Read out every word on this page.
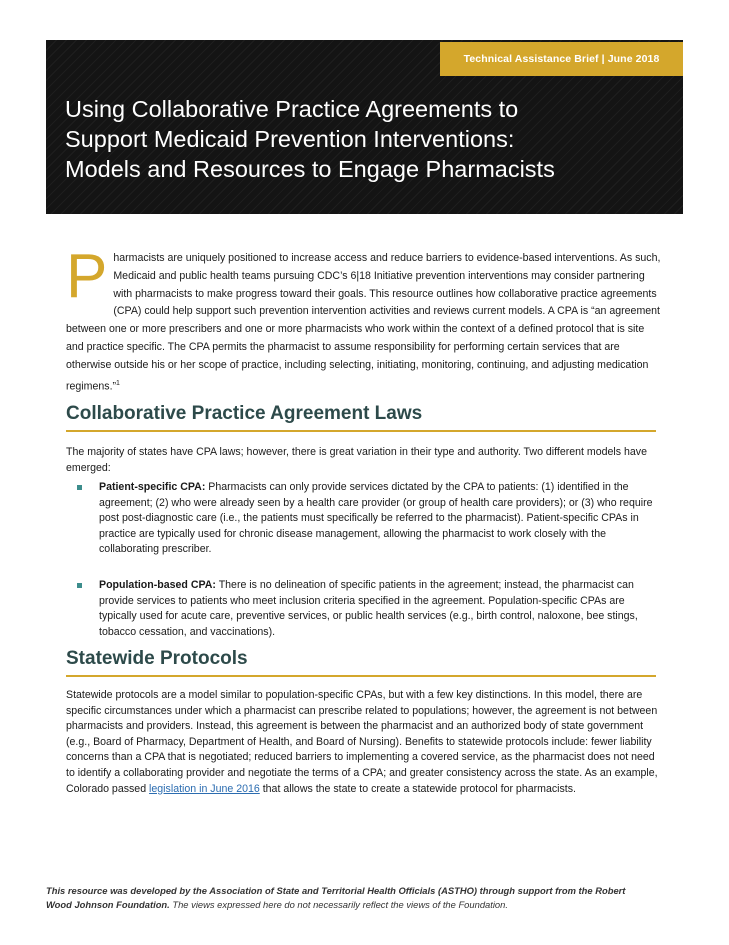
Technical Assistance Brief | June 2018
Using Collaborative Practice Agreements to
Support Medicaid Prevention Interventions:
Models and Resources to Engage Pharmacists

Pharmacists are uniquely positioned to increase access and reduce barriers to evidence-based interventions. As such, Medicaid and public health teams pursuing CDC’s 6|18 Initiative prevention interventions may consider partnering with pharmacists to make progress toward their goals. This resource outlines how collaborative practice agreements (CPA) could help support such prevention intervention activities and reviews current models. A CPA is “an agreement between one or more prescribers and one or more pharmacists who work within the context of a defined protocol that is site and practice specific. The CPA permits the pharmacist to assume responsibility for performing certain services that are otherwise outside his or her scope of practice, including selecting, initiating, monitoring, continuing, and adjusting medication regimens.”$^1$

Collaborative Practice Agreement Laws

The majority of states have CPA laws; however, there is great variation in their type and authority. Two different models have emerged:

Patient-specific CPA: Pharmacists can only provide services dictated by the CPA to patients: (1) identified in the agreement; (2) who were already seen by a health care provider (or group of health care providers); or (3) who require post post-diagnostic care (i.e., the patients must specifically be referred to the pharmacist). Patient-specific CPAs in practice are typically used for chronic disease management, allowing the pharmacist to work closely with the collaborating prescriber.
Population-based CPA: There is no delineation of specific patients in the agreement; instead, the pharmacist can provide services to patients who meet inclusion criteria specified in the agreement. Population-specific CPAs are typically used for acute care, preventive services, or public health services (e.g., birth control, naloxone, bee stings, tobacco cessation, and vaccinations).
Statewide Protocols

Statewide protocols are a model similar to population-specific CPAs, but with a few key distinctions. In this model, there are specific circumstances under which a pharmacist can prescribe related to populations; however, the agreement is not between pharmacists and providers. Instead, this agreement is between the pharmacist and an authorized body of state government (e.g., Board of Pharmacy, Department of Health, and Board of Nursing). Benefits to statewide protocols include: fewer liability concerns than a CPA that is negotiated; reduced barriers to implementing a covered service, as the pharmacist does not need to identify a collaborating provider and negotiate the terms of a CPA; and greater consistency across the state. As an example, Colorado passed legislation in June 2016 that allows the state to create a statewide protocol for pharmacists.

This resource was developed by the Association of State and Territorial Health Officials (ASTHO) through support from the Robert Wood Johnson Foundation. The views expressed here do not necessarily reflect the views of the Foundation.
